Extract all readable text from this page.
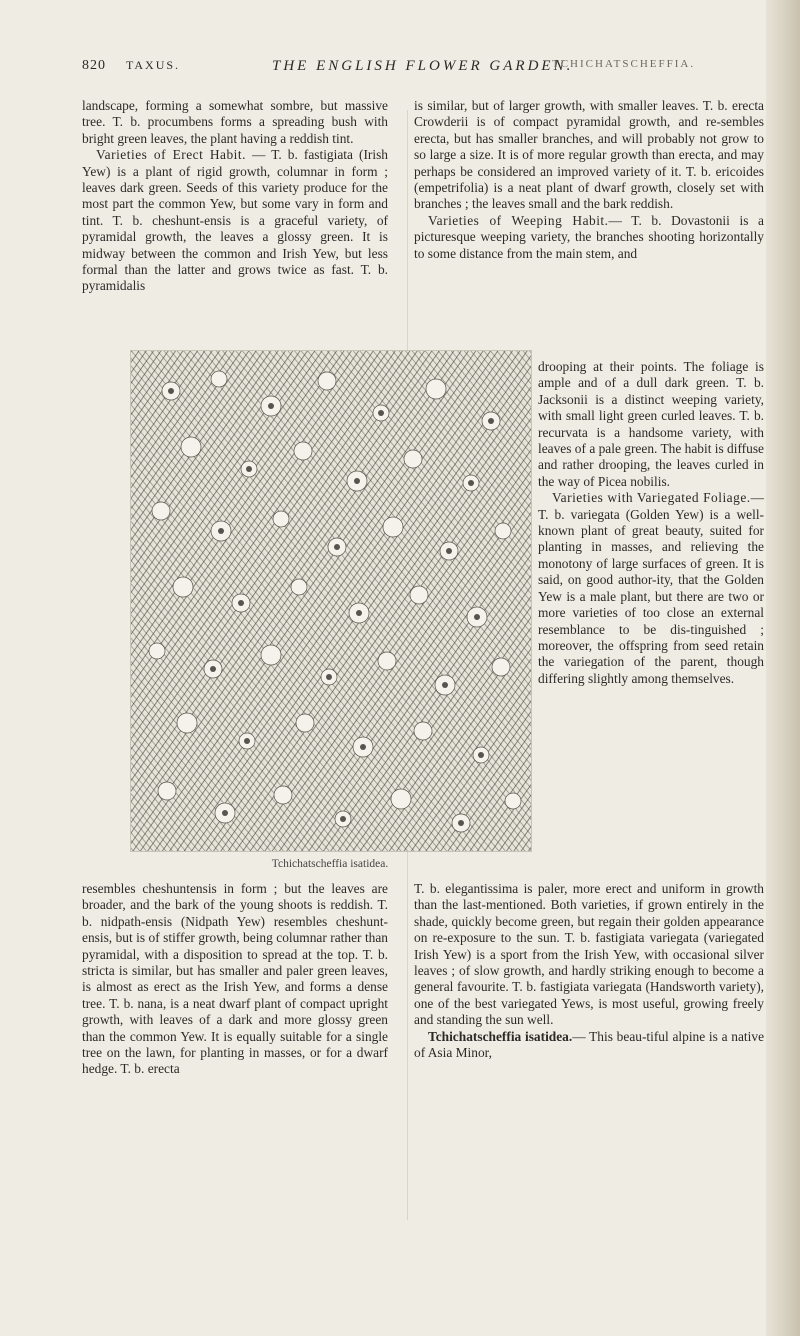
820 TAXUS.	THE ENGLISH FLOWER GARDEN.
TCHICHATSCHEFFIA.

landscape, forming a somewhat sombre, but massive tree. T. b. procumbens forms a spreading bush with bright green leaves, the plant having a reddish tint.

Varieties of Erect Habit. — T. b. fastigiata (Irish Yew) is a plant of rigid growth, columnar in form ; leaves dark green. Seeds of this variety produce for the most part the common Yew, but some vary in form and tint. T. b. cheshunt-ensis is a graceful variety, of pyramidal growth, the leaves a glossy green. It is midway between the common and Irish Yew, but less formal than the latter and grows twice as fast. T. b. pyramidalis

is similar, but of larger growth, with smaller leaves. T. b. erecta Crowderii is of compact pyramidal growth, and re-sembles erecta, but has smaller branches, and will probably not grow to so large a size. It is of more regular growth than erecta, and may perhaps be considered an improved variety of it. T. b. ericoides (empetrifolia) is a neat plant of dwarf growth, closely set with branches ; the leaves small and the bark reddish.

Varieties of Weeping Habit.— T. b. Dovastonii is a picturesque weeping variety, the branches shooting horizontally to some distance from the main stem, and

Tchichatscheffia isatidea.

drooping at their points. The foliage is ample and of a dull dark green. T. b. Jacksonii is a distinct weeping variety, with small light green curled leaves. T. b. recurvata is a handsome variety, with leaves of a pale green. The habit is diffuse and rather drooping, the leaves curled in the way of Picea nobilis.

Varieties with Variegated Foliage.— T. b. variegata (Golden Yew) is a well-known plant of great beauty, suited for planting in masses, and relieving the monotony of large surfaces of green. It is said, on good author-ity, that the Golden Yew is a male plant, but there are two or more varieties of too close an external resemblance to be dis-tinguished ; moreover, the offspring from seed retain the variegation of the parent, though differing slightly among themselves.

resembles cheshuntensis in form ; but the leaves are broader, and the bark of the young shoots is reddish. T. b. nidpath-ensis (Nidpath Yew) resembles cheshunt-ensis, but is of stiffer growth, being columnar rather than pyramidal, with a disposition to spread at the top. T. b. stricta is similar, but has smaller and paler green leaves, is almost as erect as the Irish Yew, and forms a dense tree. T. b. nana, is a neat dwarf plant of compact upright growth, with leaves of a dark and more glossy green than the common Yew. It is equally suitable for a single tree on the lawn, for planting in masses, or for a dwarf hedge. T. b. erecta

T. b. elegantissima is paler, more erect and uniform in growth than the last-mentioned. Both varieties, if grown entirely in the shade, quickly become green, but regain their golden appearance on re-exposure to the sun. T. b. fastigiata variegata (variegated Irish Yew) is a sport from the Irish Yew, with occasional silver leaves ; of slow growth, and hardly striking enough to become a general favourite. T. b. fastigiata variegata (Handsworth variety), one of the best variegated Yews, is most useful, growing freely and standing the sun well.

Tchichatscheffia isatidea.— This beau-tiful alpine is a native of Asia Minor,
